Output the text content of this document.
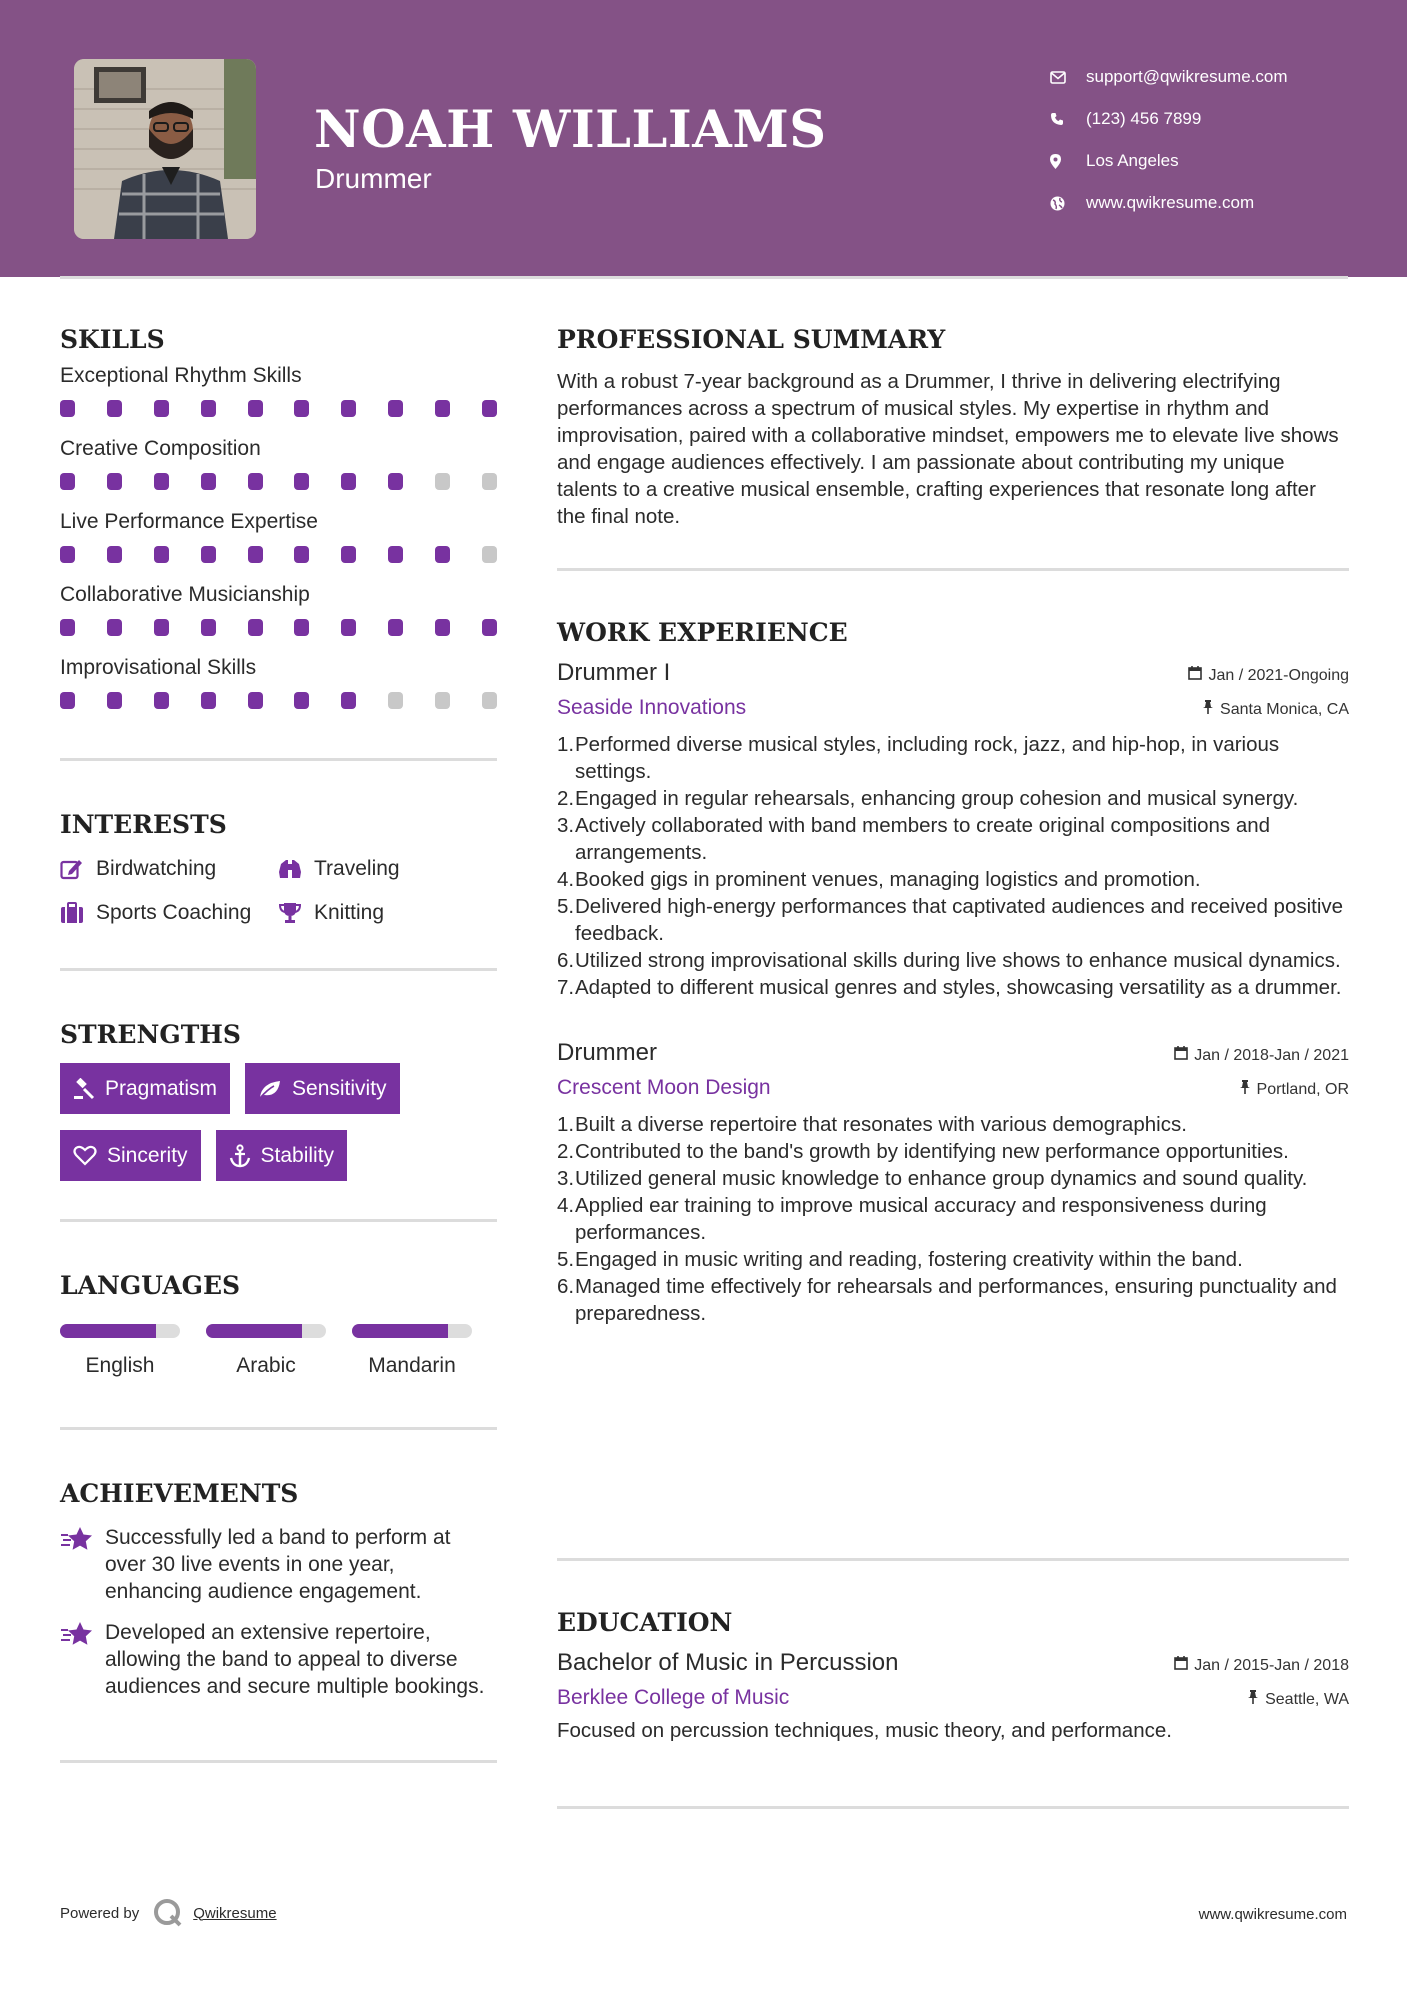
NOAH WILLIAMS
Drummer
support@qwikresume.com
(123) 456 7899
Los Angeles
www.qwikresume.com
SKILLS
Exceptional Rhythm Skills
Creative Composition
Live Performance Expertise
Collaborative Musicianship
Improvisational Skills
INTERESTS
Birdwatching	Traveling
Sports Coaching	Knitting
STRENGTHS
Pragmatism	Sensitivity
Sincerity	Stability
LANGUAGES
English	Arabic	Mandarin
ACHIEVEMENTS
Successfully led a band to perform at over 30 live events in one year, enhancing audience engagement.
Developed an extensive repertoire, allowing the band to appeal to diverse audiences and secure multiple bookings.
PROFESSIONAL SUMMARY
With a robust 7-year background as a Drummer, I thrive in delivering electrifying performances across a spectrum of musical styles. My expertise in rhythm and improvisation, paired with a collaborative mindset, empowers me to elevate live shows and engage audiences effectively. I am passionate about contributing my unique talents to a creative musical ensemble, crafting experiences that resonate long after the final note.
WORK EXPERIENCE
Drummer I	Jan / 2021-Ongoing
Seaside Innovations	Santa Monica, CA
1. Performed diverse musical styles, including rock, jazz, and hip-hop, in various settings.
2. Engaged in regular rehearsals, enhancing group cohesion and musical synergy.
3. Actively collaborated with band members to create original compositions and arrangements.
4. Booked gigs in prominent venues, managing logistics and promotion.
5. Delivered high-energy performances that captivated audiences and received positive feedback.
6. Utilized strong improvisational skills during live shows to enhance musical dynamics.
7. Adapted to different musical genres and styles, showcasing versatility as a drummer.
Drummer	Jan / 2018-Jan / 2021
Crescent Moon Design	Portland, OR
1. Built a diverse repertoire that resonates with various demographics.
2. Contributed to the band's growth by identifying new performance opportunities.
3. Utilized general music knowledge to enhance group dynamics and sound quality.
4. Applied ear training to improve musical accuracy and responsiveness during performances.
5. Engaged in music writing and reading, fostering creativity within the band.
6. Managed time effectively for rehearsals and performances, ensuring punctuality and preparedness.
EDUCATION
Bachelor of Music in Percussion	Jan / 2015-Jan / 2018
Berklee College of Music	Seattle, WA
Focused on percussion techniques, music theory, and performance.
Powered by	Qwikresume	www.qwikresume.com
